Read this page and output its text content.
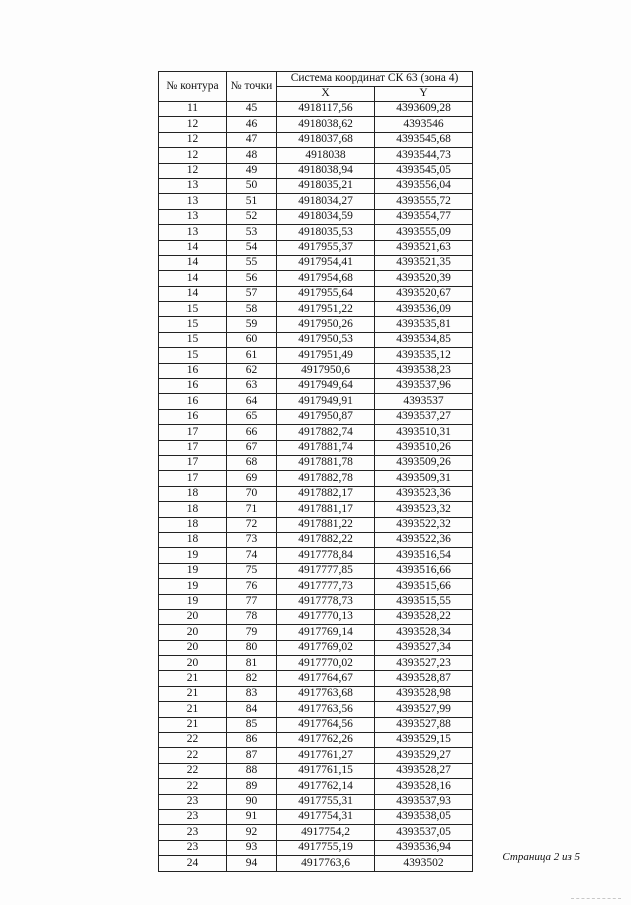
№ контура	№ точки	Система координат СК 63 (зона 4)	
		X	Y
11	45	4918117,56	4393609,28
12	46	4918038,62	4393546
12	47	4918037,68	4393545,68
12	48	4918038	4393544,73
12	49	4918038,94	4393545,05
13	50	4918035,21	4393556,04
13	51	4918034,27	4393555,72
13	52	4918034,59	4393554,77
13	53	4918035,53	4393555,09
14	54	4917955,37	4393521,63
14	55	4917954,41	4393521,35
14	56	4917954,68	4393520,39
14	57	4917955,64	4393520,67
15	58	4917951,22	4393536,09
15	59	4917950,26	4393535,81
15	60	4917950,53	4393534,85
15	61	4917951,49	4393535,12
16	62	4917950,6	4393538,23
16	63	4917949,64	4393537,96
16	64	4917949,91	4393537
16	65	4917950,87	4393537,27
17	66	4917882,74	4393510,31
17	67	4917881,74	4393510,26
17	68	4917881,78	4393509,26
17	69	4917882,78	4393509,31
18	70	4917882,17	4393523,36
18	71	4917881,17	4393523,32
18	72	4917881,22	4393522,32
18	73	4917882,22	4393522,36
19	74	4917778,84	4393516,54
19	75	4917777,85	4393516,66
19	76	4917777,73	4393515,66
19	77	4917778,73	4393515,55
20	78	4917770,13	4393528,22
20	79	4917769,14	4393528,34
20	80	4917769,02	4393527,34
20	81	4917770,02	4393527,23
21	82	4917764,67	4393528,87
21	83	4917763,68	4393528,98
21	84	4917763,56	4393527,99
21	85	4917764,56	4393527,88
22	86	4917762,26	4393529,15
22	87	4917761,27	4393529,27
22	88	4917761,15	4393528,27
22	89	4917762,14	4393528,16
23	90	4917755,31	4393537,93
23	91	4917754,31	4393538,05
23	92	4917754,2	4393537,05
23	93	4917755,19	4393536,94
24	94	4917763,6	4393502	Страница 2 из 5
